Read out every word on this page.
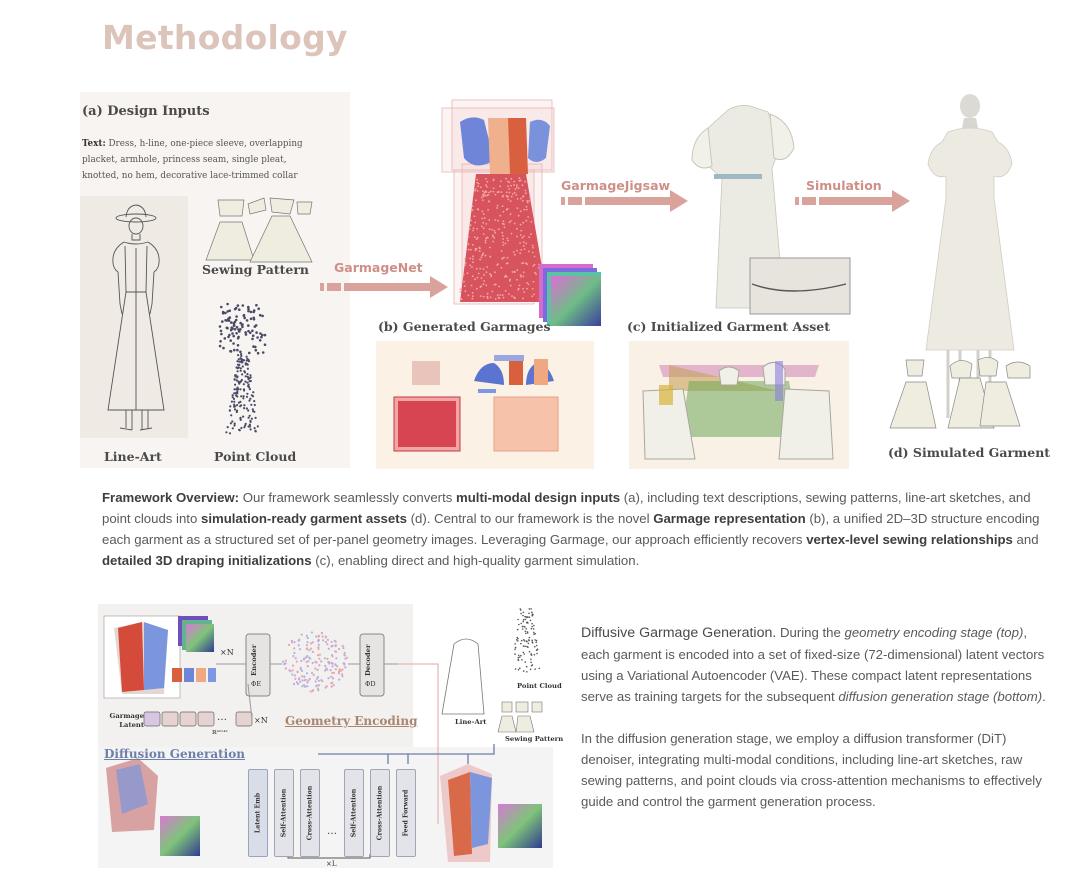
Methodology
(a) Design Inputs
Text: Dress, h-line, one-piece sleeve, overlapping placket, armhole, princess seam, single pleat, knotted, no hem, decorative lace-trimmed collar
Line-Art
Sewing Pattern
Point Cloud
GarmageNet
GarmageJigsaw	Simulation
(b) Generated Garmages	(c) Initialized Garment Asset
(d) Simulated Garment
Framework Overview: Our framework seamlessly converts multi-modal design inputs (a), including text descriptions, sewing patterns, line-art sketches, and point clouds into simulation-ready garment assets (d). Central to our framework is the novel Garmage representation (b), a unified 2D–3D structure encoding each garment as a structured set of per-panel geometry images. Leveraging Garmage, our approach efficiently recovers vertex-level sewing relationships and detailed 3D draping initializations (c), enabling direct and high-quality garment simulation.
Latent Emb	Self-Attention	Cross-Attention … Self-Attention	Cross-Attention	Feed Forward
Encoder	Decoder
ΦE	ΦD
×N
×N
×L
Garmage Latent
…
ℝ⁴²ˣ⁴²
Line-Art
Point Cloud
Sewing Pattern
Geometry Encoding
Diffusion Generation

Diffusive Garmage Generation. During the geometry encoding stage (top), each garment is encoded into a set of fixed-size (72-dimensional) latent vectors using a Variational Autoencoder (VAE). These compact latent representations serve as training targets for the subsequent diffusion generation stage (bottom).

In the diffusion generation stage, we employ a diffusion transformer (DiT) denoiser, integrating multi-modal conditions, including line-art sketches, raw sewing patterns, and point clouds via cross-attention mechanisms to effectively guide and control the garment generation process.
